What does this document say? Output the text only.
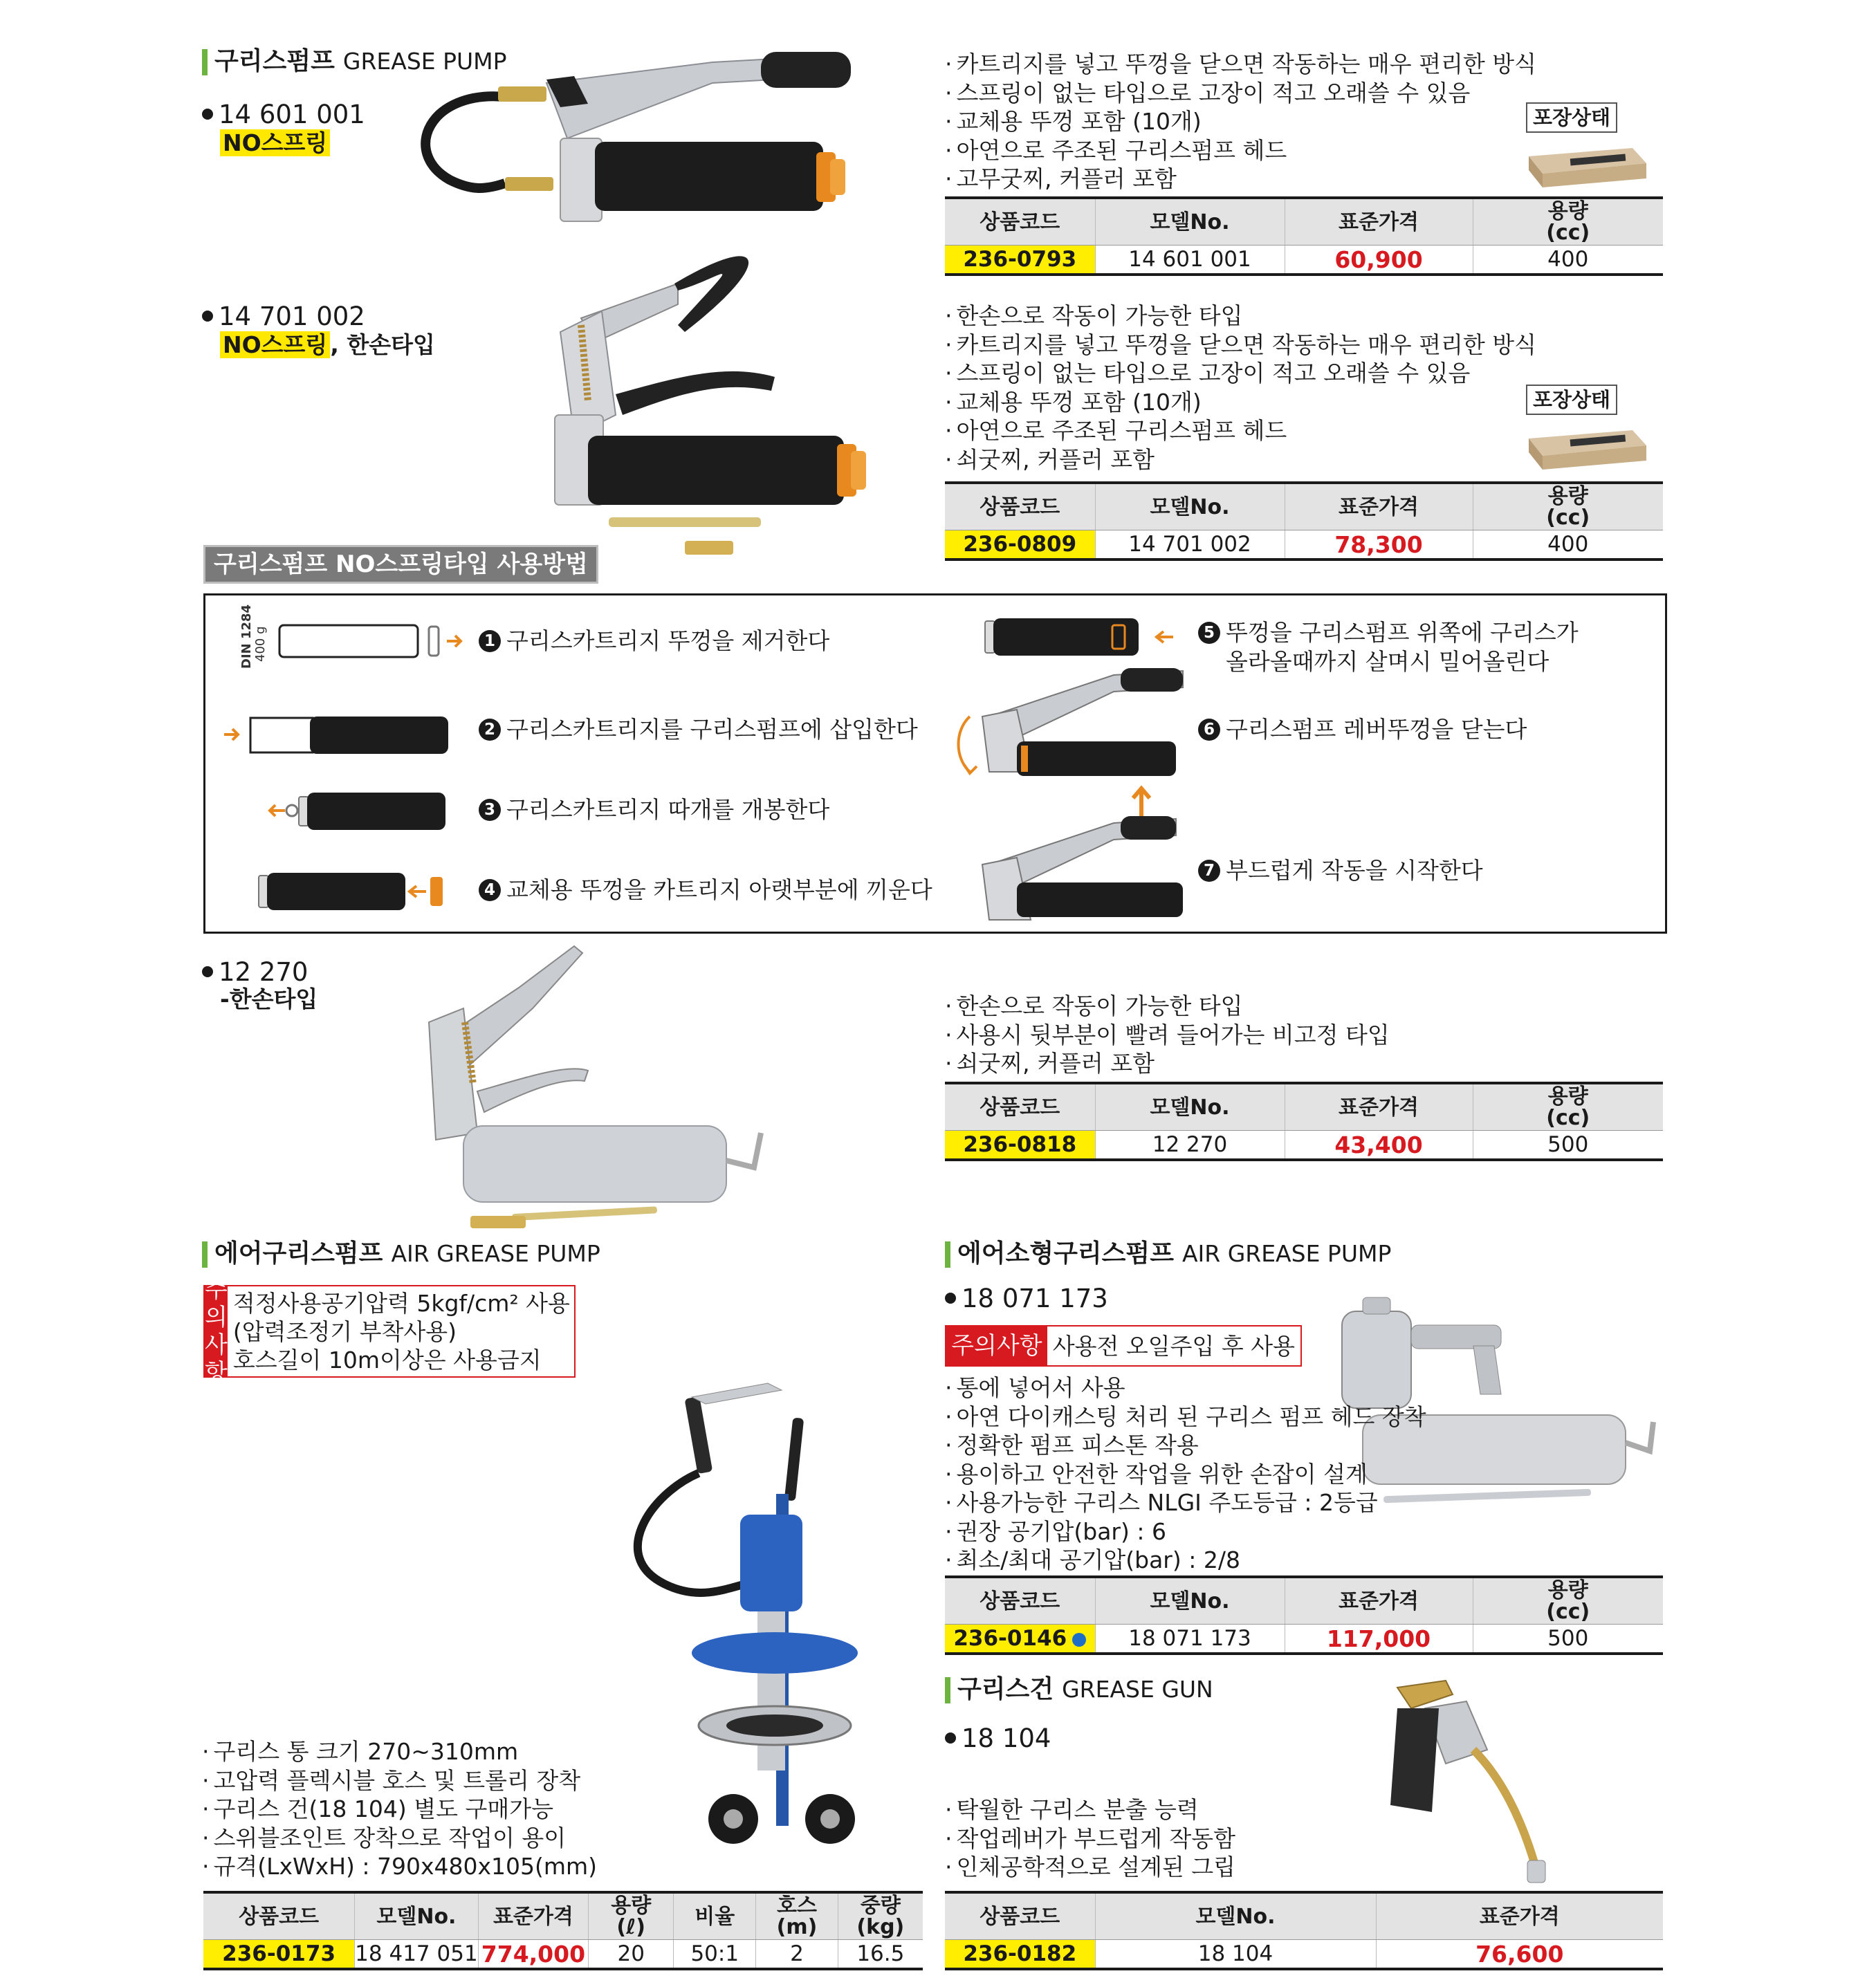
구리스펌프 GREASE PUMP
14 601 001
NO스프링
· 카트리지를 넣고 뚜껑을 닫으면 작동하는 매우 편리한 방식
· 스프링이 없는 타입으로 고장이 적고 오래쓸 수 있음
· 교체용 뚜껑 포함 (10개)
· 아연으로 주조된 구리스펌프 헤드
· 고무굿찌, 커플러 포함
포장상태
상품코드	모델No.	표준가격	용량
(cc)
236-0793	14 601 001	60,900	400
14 701 002
NO스프링 , 한손타입
· 한손으로 작동이 가능한 타입
· 카트리지를 넣고 뚜껑을 닫으면 작동하는 매우 편리한 방식
· 스프링이 없는 타입으로 고장이 적고 오래쓸 수 있음
· 교체용 뚜껑 포함 (10개)
· 아연으로 주조된 구리스펌프 헤드
· 쇠굿찌, 커플러 포함
포장상태
상품코드	모델No.	표준가격	용량
(cc)
236-0809	14 701 002	78,300	400
구리스펌프 NO스프링타입 사용방법
DIN 1284 400 g	1 구리스카트리지 뚜껑을 제거한다
2 구리스카트리지를 구리스펌프에 삽입한다
3 구리스카트리지 따개를 개봉한다
4 교체용 뚜껑을 카트리지 아랫부분에 끼운다
5 뚜껑을 구리스펌프 위쪽에 구리스가
올라올때까지 살며시 밀어올린다
6 구리스펌프 레버뚜껑을 닫는다
7 부드럽게 작동을 시작한다
12 270
-한손타입	· 한손으로 작동이 가능한 타입
· 사용시 뒷부분이 빨려 들어가는 비고정 타입
· 쇠굿찌, 커플러 포함
상품코드	모델No.	표준가격	용량
(cc)
236-0818	12 270	43,400	500
에어구리스펌프 AIR GREASE PUMP
주의
사항
적정사용공기압력 5kgf/cm² 사용
(압력조정기 부착사용)
호스길이 10m이상은 사용금지
· 구리스 통 크기 270~310mm
· 고압력 플렉시블 호스 및 트롤리 장착
· 구리스 건(18 104) 별도 구매가능
· 스위블조인트 장착으로 작업이 용이
· 규격(LxWxH) : 790x480x105(mm)
상품코드	모델No.	표준가격	용량
(ℓ)	비율	호스
(m)	중량
(kg)
236-0173	18 417 051	774,000	20	50:1	2	16.5
에어소형구리스펌프 AIR GREASE PUMP
18 071 173
주의사항 사용전 오일주입 후 사용
· 통에 넣어서 사용
· 아연 다이캐스팅 처리 된 구리스 펌프 헤드 장착
· 정확한 펌프 피스톤 작용
· 용이하고 안전한 작업을 위한 손잡이 설계
· 사용가능한 구리스 NLGI 주도등급 : 2등급
· 권장 공기압(bar) : 6
· 최소/최대 공기압(bar) : 2/8
상품코드	모델No.	표준가격	용량
(cc)
236-0146	18 071 173	117,000	500
구리스건 GREASE GUN
18 104
· 탁월한 구리스 분출 능력
· 작업레버가 부드럽게 작동함
· 인체공학적으로 설계된 그립
상품코드	모델No.	표준가격
236-0182	18 104	76,600
